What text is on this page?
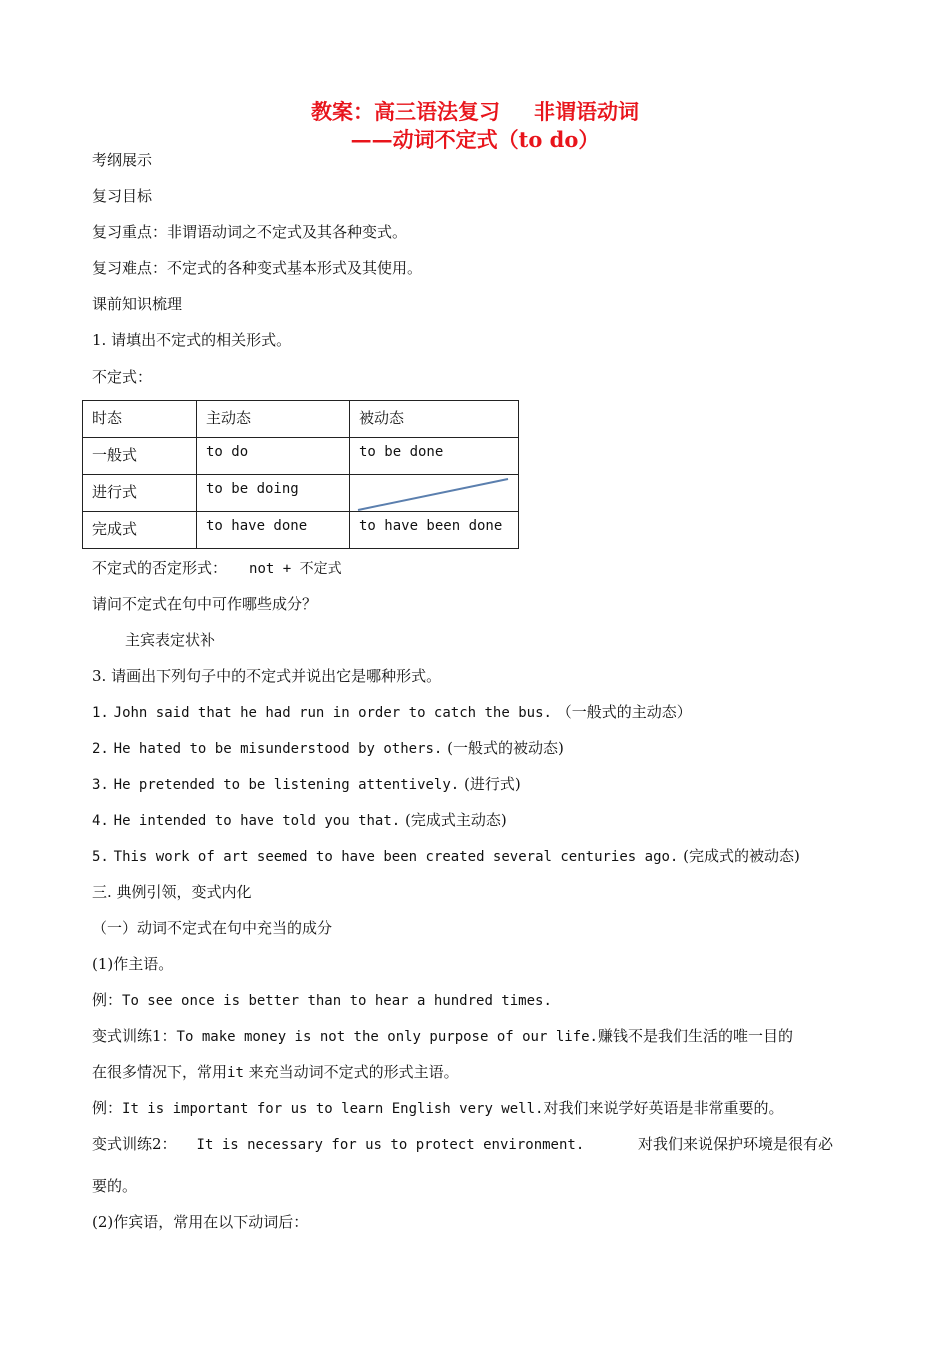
教案：高三语法复习 非谓语动词
——动词不定式（to do）
考纲展示
复习目标
复习重点：非谓语动词之不定式及其各种变式。
复习难点：不定式的各种变式基本形式及其使用。
课前知识梳理
1. 请填出不定式的相关形式。
不定式：
时态	主动态	被动态
一般式	to do	to be done
进行式	to be doing	

完成式	to have done	to have been done
不定式的否定形式： not + 不定式
请问不定式在句中可作哪些成分？
主宾表定状补
3. 请画出下列句子中的不定式并说出它是哪种形式。
1. John said that he had run in order to catch the bus. （一般式的主动态）
2. He hated to be misunderstood by others. (一般式的被动态)
3. He pretended to be listening attentively. (进行式)
4. He intended to have told you that. (完成式主动态)
5. This work of art seemed to have been created several centuries ago. (完成式的被动态)
三. 典例引领，变式内化
（一）动词不定式在句中充当的成分
(1)作主语。
例：To see once is better than to hear a hundred times.
变式训练1：To make money is not the only purpose of our life.赚钱不是我们生活的唯一目的
在很多情况下，常用it 来充当动词不定式的形式主语。
例：It is important for us to learn English very well.对我们来说学好英语是非常重要的。
变式训练2： It is necessary for us to protect environment.	对我们来说保护环境是很有必
要的。
(2)作宾语，常用在以下动词后：
